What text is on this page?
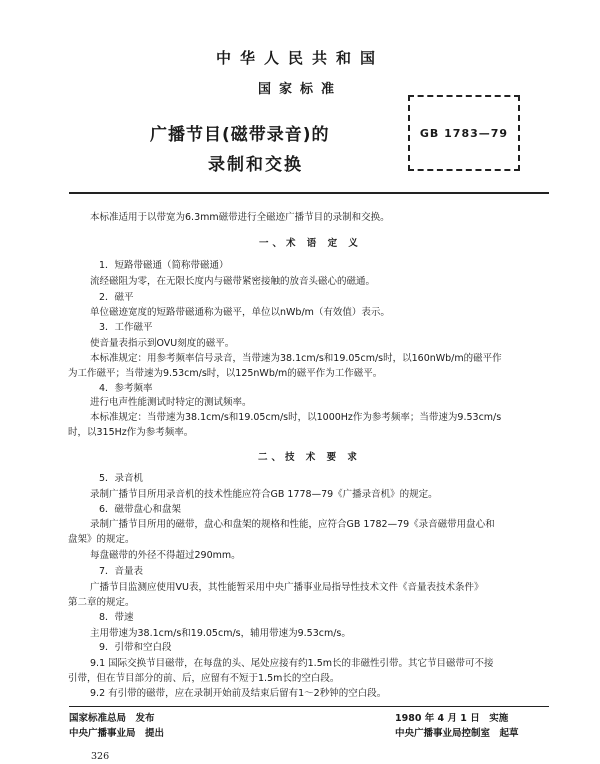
中华人民共和国
国家标准
广播节目(磁带录音)的
录制和交换
GB 1783—79

本标准适用于以带宽为6.3mm磁带进行全磁迹广播节目的录制和交换。

一、术 语 定 义

1．短路带磁通（简称带磁通）

流经磁阻为零，在无限长度内与磁带紧密接触的放音头磁心的磁通。

2．磁平

单位磁迹宽度的短路带磁通称为磁平，单位以nWb/m（有效值）表示。

3．工作磁平

使音量表指示到OVU刻度的磁平。

本标准规定：用参考频率信号录音，当带速为38.1cm/s和19.05cm/s时，以160nWb/m的磁平作

为工作磁平；当带速为9.53cm/s时，以125nWb/m的磁平作为工作磁平。

4．参考频率

进行电声性能测试时特定的测试频率。

本标准规定：当带速为38.1cm/s和19.05cm/s时，以1000Hz作为参考频率；当带速为9.53cm/s

时，以315Hz作为参考频率。

二、技 术 要 求

5．录音机

录制广播节目所用录音机的技术性能应符合GB 1778—79《广播录音机》的规定。

6．磁带盘心和盘架

录制广播节目所用的磁带，盘心和盘架的规格和性能，应符合GB 1782—79《录音磁带用盘心和

盘架》的规定。

每盘磁带的外径不得超过290mm。

7．音量表

广播节目监测应使用VU表，其性能暂采用中央广播事业局指导性技术文件《音量表技术条件》

第二章的规定。

8．带速

主用带速为38.1cm/s和19.05cm/s，辅用带速为9.53cm/s。

9．引带和空白段

9.1 国际交换节目磁带，在每盘的头、尾处应接有约1.5m长的非磁性引带。其它节目磁带可不接

引带，但在节目部分的前、后，应留有不短于1.5m长的空白段。

9.2 有引带的磁带，应在录制开始前及结束后留有1～2秒钟的空白段。

国家标准总局　发布	1980 年 4 月 1 日　实施

中央广播事业局　提出	中央广播事业局控制室　起草

326
